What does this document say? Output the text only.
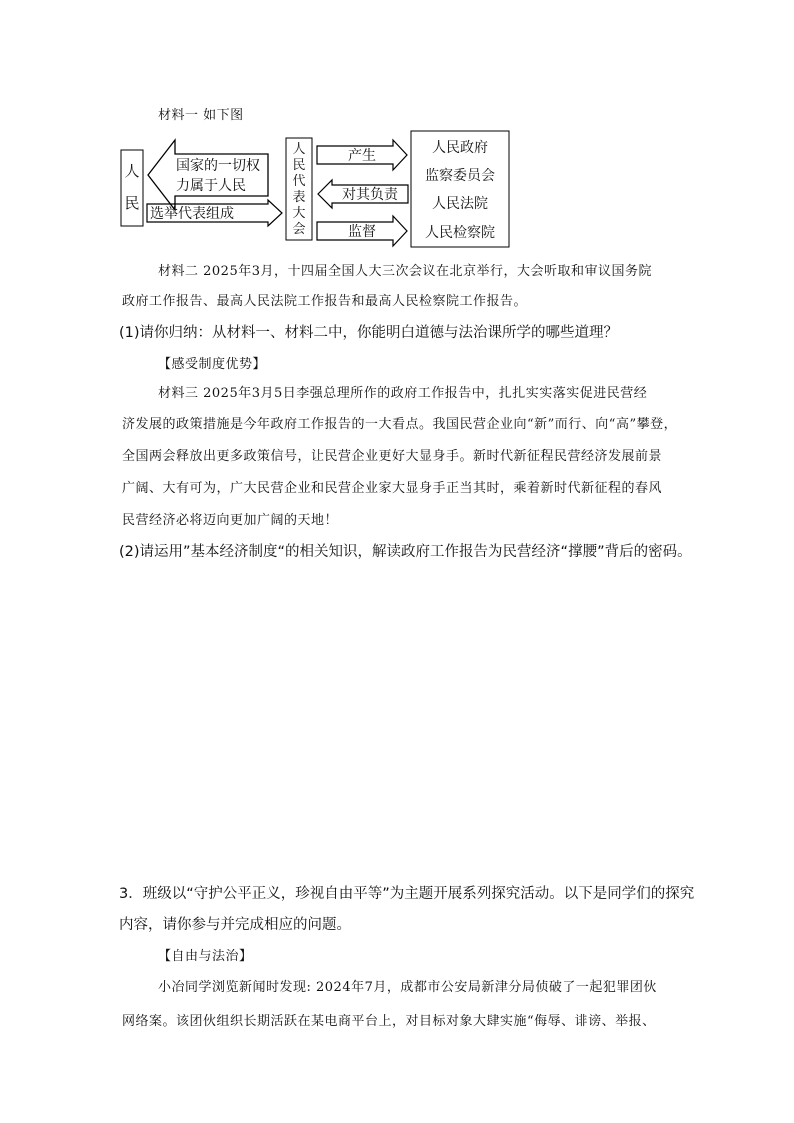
材料一 如下图
人
民
国家的一切权
力属于人民
选举代表组成
人
民
代
表
大
会
产生
对其负责
监督
人民政府
监察委员会
人民法院
人民检察院
材料二 2025年3月，十四届全国人大三次会议在北京举行，大会听取和审议国务院
政府工作报告、最高人民法院工作报告和最高人民检察院工作报告。
(1)请你归纳：从材料一、材料二中，你能明白道德与法治课所学的哪些道理？
【感受制度优势】
材料三 2025年3月5日李强总理所作的政府工作报告中，扎扎实实落实促进民营经
济发展的政策措施是今年政府工作报告的一大看点。我国民营企业向“新”而行、向“高”攀登，
全国两会释放出更多政策信号，让民营企业更好大显身手。新时代新征程民营经济发展前景
广阔、大有可为，广大民营企业和民营企业家大显身手正当其时，乘着新时代新征程的春风
民营经济必将迈向更加广阔的天地！
(2)请运用”基本经济制度“的相关知识，解读政府工作报告为民营经济“撑腰”背后的密码。
3．班级以“守护公平正义，珍视自由平等”为主题开展系列探究活动。以下是同学们的探究
内容，请你参与并完成相应的问题。
【自由与法治】
小冶同学浏览新闻时发现: 2024年7月，成都市公安局新津分局侦破了一起犯罪团伙
网络案。该团伙组织长期活跃在某电商平台上，对目标对象大肆实施“侮辱、诽谤、举报、
